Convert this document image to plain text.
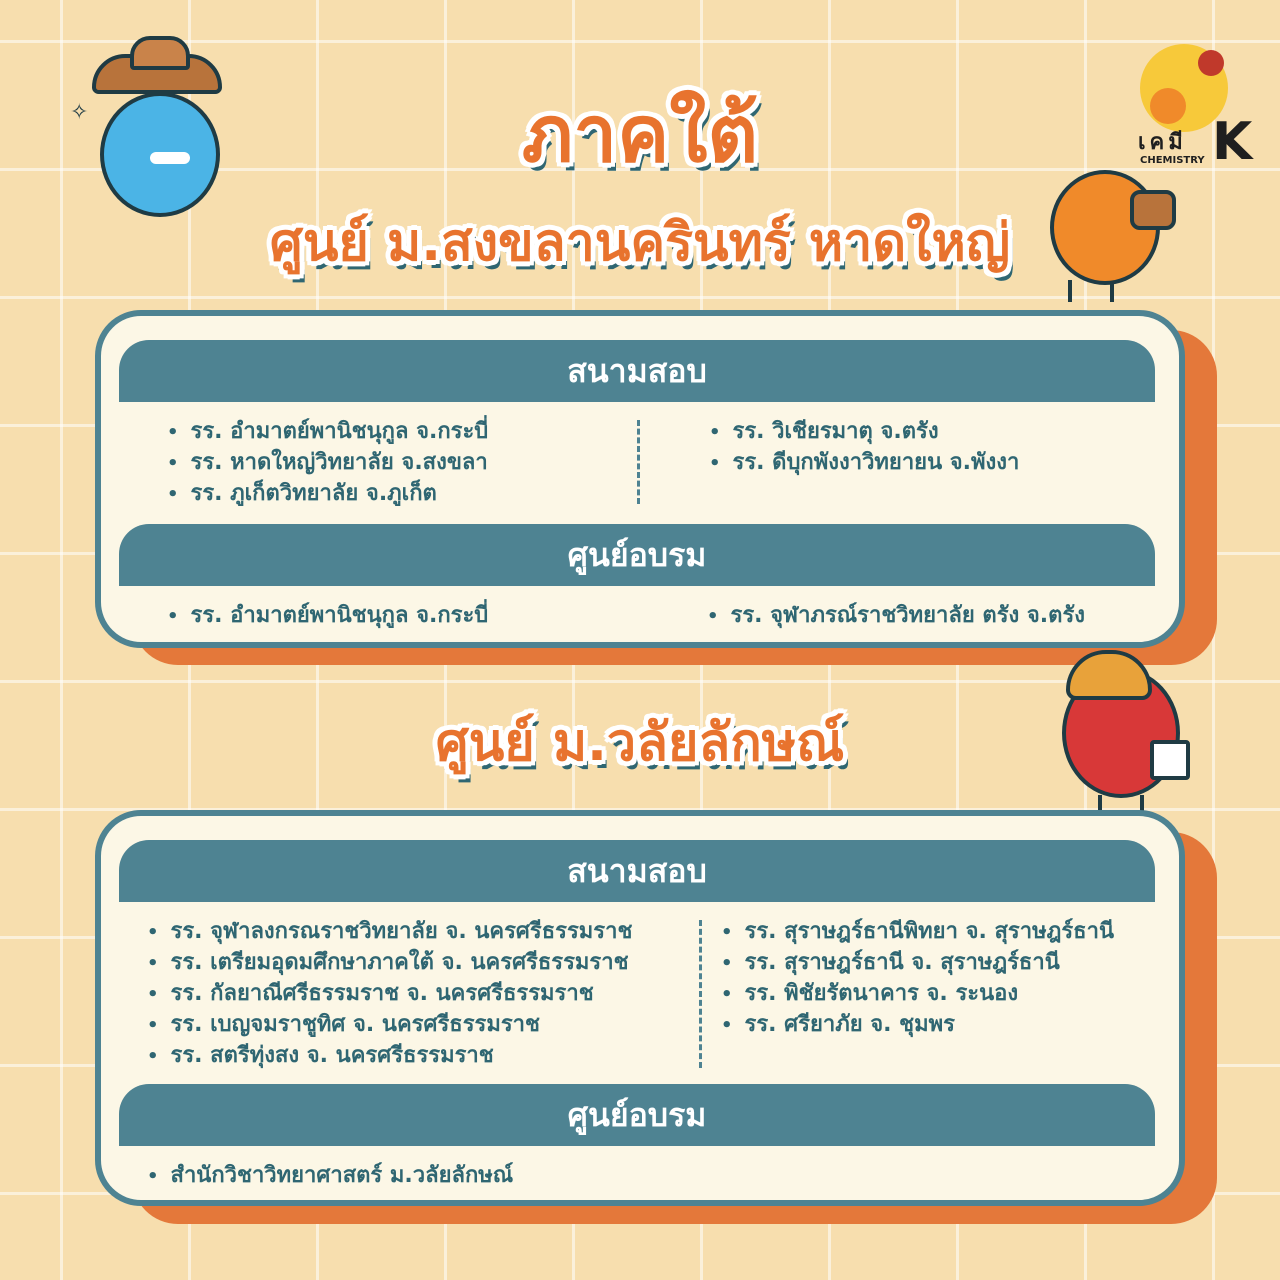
✧
เคมี K
CHEMISTRY
ภาคใต้
ศูนย์ ม.สงขลานครินทร์ หาดใหญ่
สนามสอบ
• รร. อำมาตย์พานิชนุกูล จ.กระบี่
• รร. หาดใหญ่วิทยาลัย จ.สงขลา
• รร. ภูเก็ตวิทยาลัย จ.ภูเก็ต
• รร. วิเชียรมาตุ จ.ตรัง
• รร. ดีบุกพังงาวิทยายน จ.พังงา
ศูนย์อบรม
• รร. อำมาตย์พานิชนุกูล จ.กระบี่
•	รร. จุฬาภรณ์ราชวิทยาลัย ตรัง จ.ตรัง
ศูนย์ ม.วลัยลักษณ์
สนามสอบ
• รร. จุฬาลงกรณราชวิทยาลัย จ. นครศรีธรรมราช
• รร. เตรียมอุดมศึกษาภาคใต้ จ. นครศรีธรรมราช
• รร. กัลยาณีศรีธรรมราช จ. นครศรีธรรมราช
• รร. เบญจมราชูทิศ จ. นครศรีธรรมราช
• รร. สตรีทุ่งสง จ. นครศรีธรรมราช
• รร. สุราษฎร์ธานีพิทยา จ. สุราษฎร์ธานี
• รร. สุราษฎร์ธานี จ. สุราษฎร์ธานี
• รร. พิชัยรัตนาคาร จ. ระนอง
• รร. ศรียาภัย จ. ชุมพร
ศูนย์อบรม
• สำนักวิชาวิทยาศาสตร์ ม.วลัยลักษณ์
